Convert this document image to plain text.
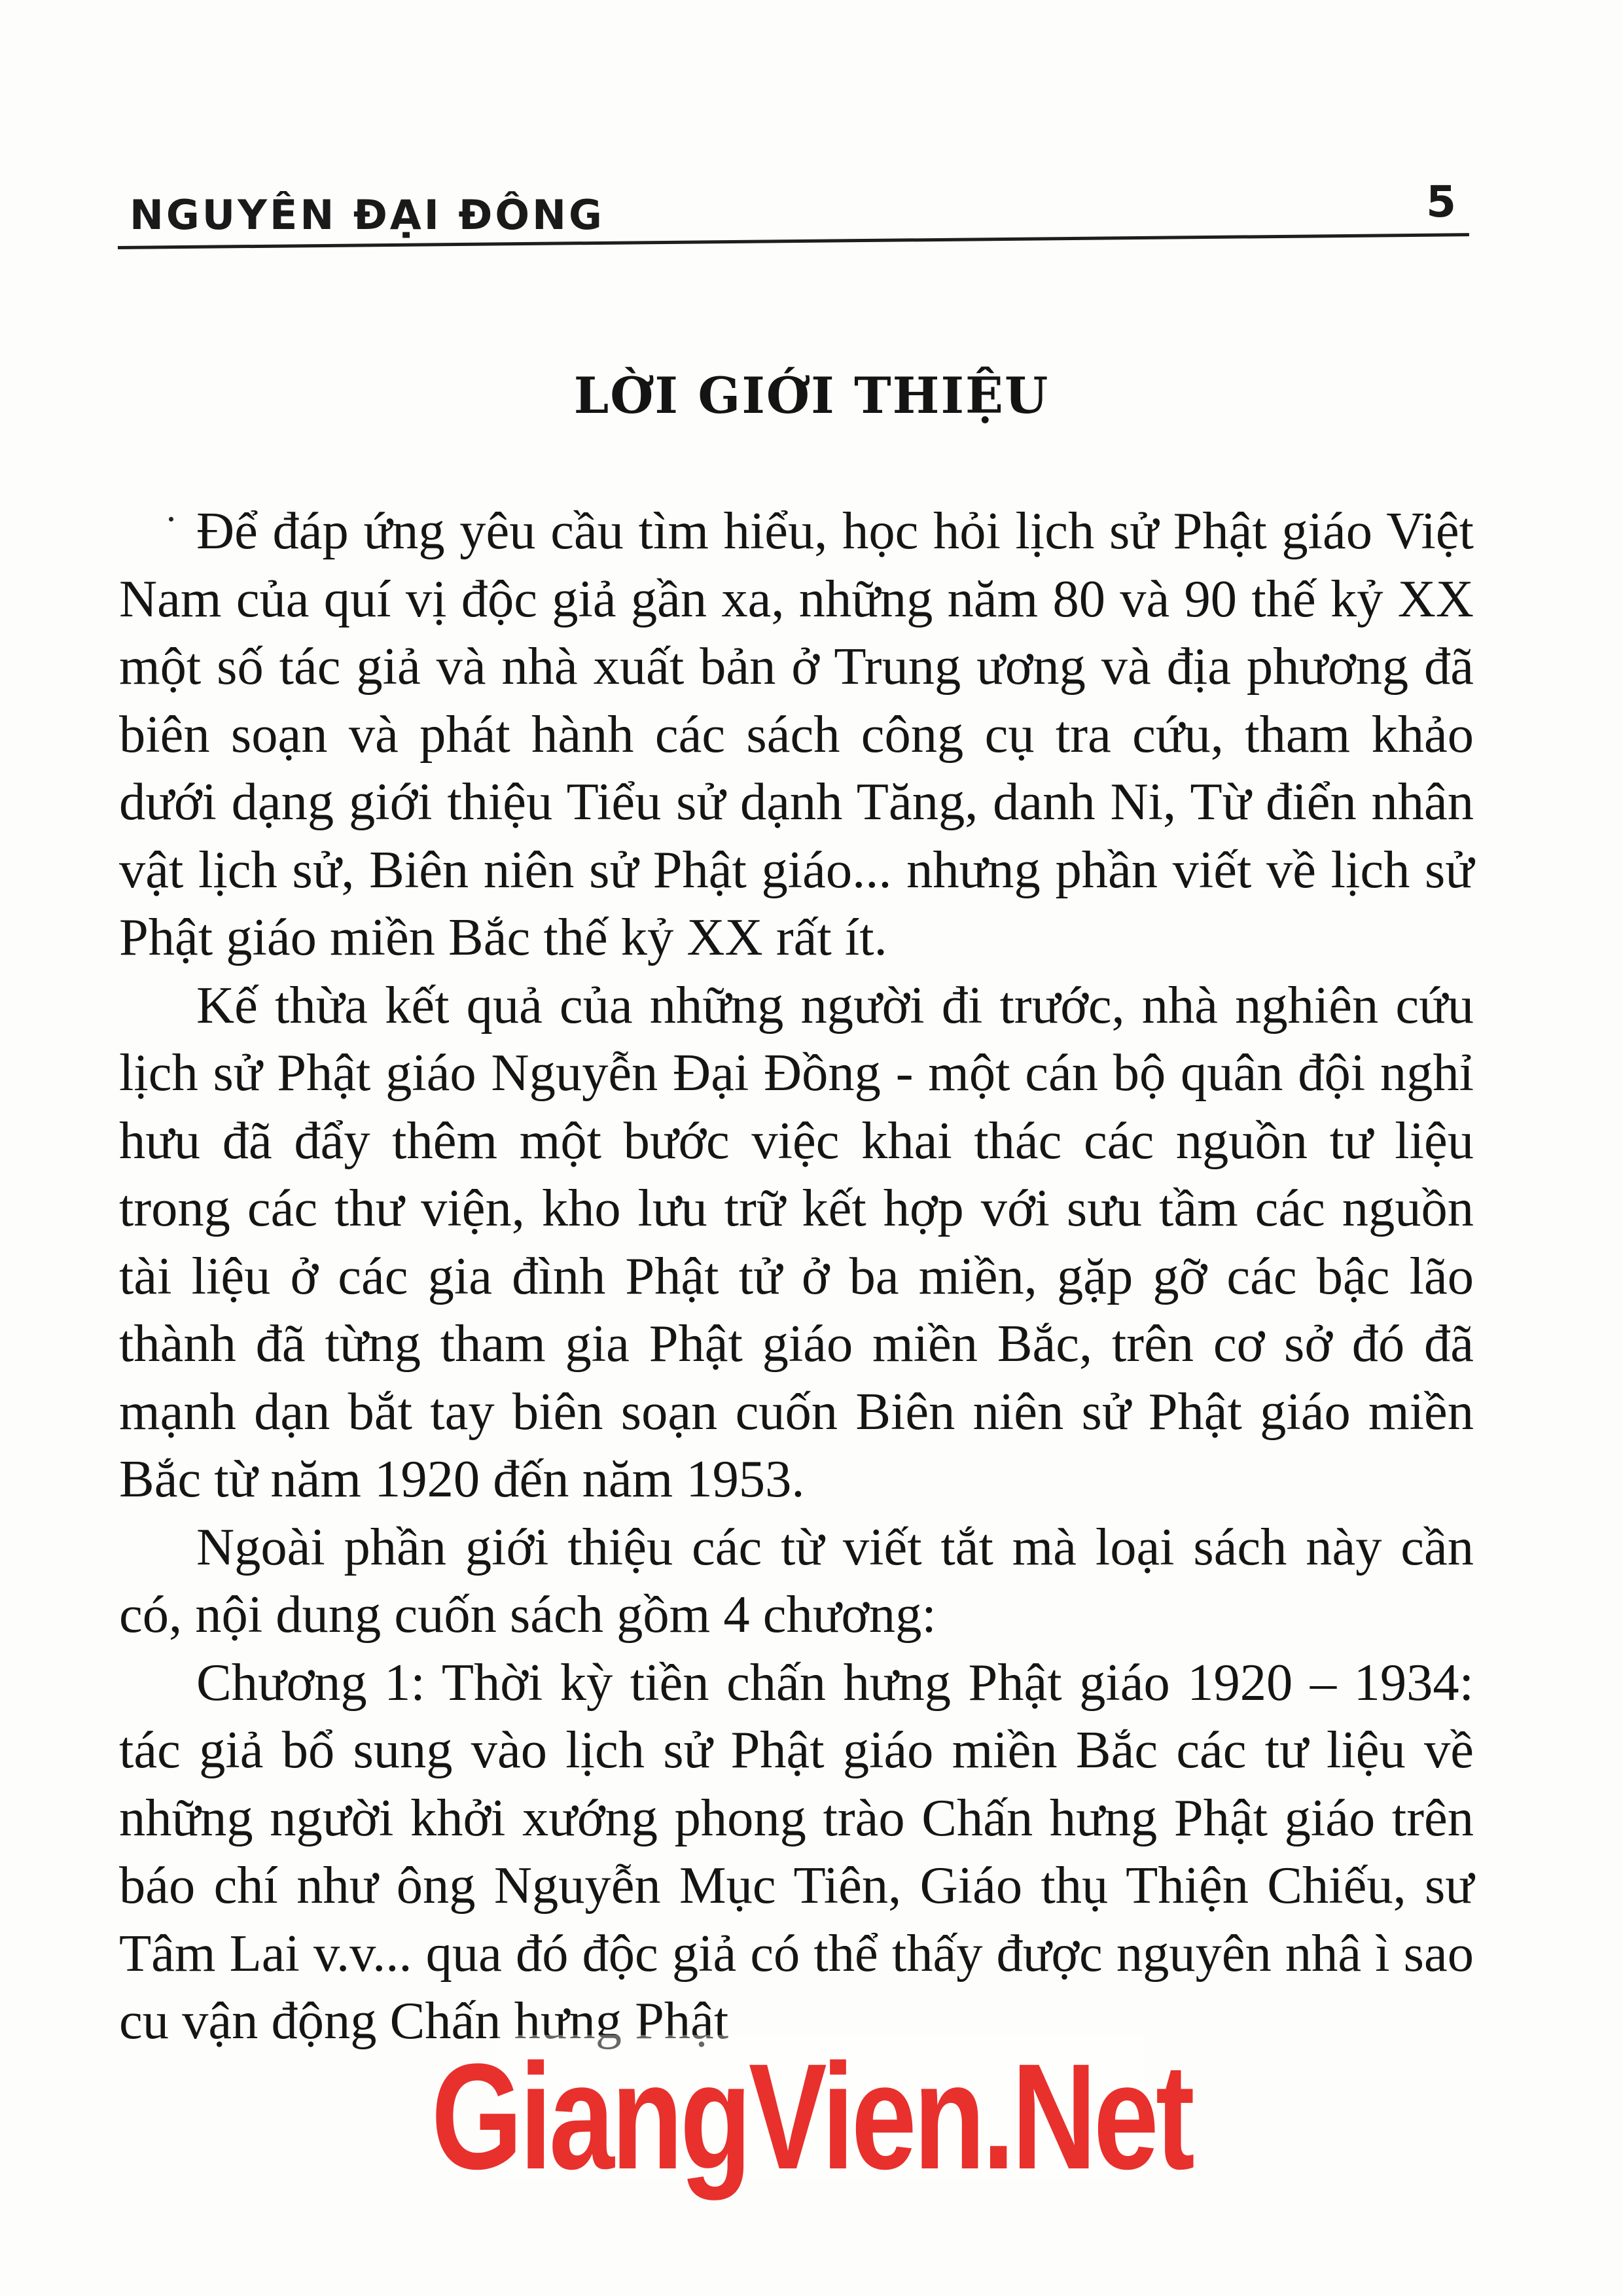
NGUYÊN ĐẠI ĐÔNG	5
LỜI GIỚI THIỆU

Để đáp ứng yêu cầu tìm hiểu, học hỏi lịch sử Phật giáo Việt Nam của quí vị độc giả gần xa, những năm 80 và 90 thế kỷ XX một số tác giả và nhà xuất bản ở Trung ương và địa phương đã biên soạn và phát hành các sách công cụ tra cứu, tham khảo dưới dạng giới thiệu Tiểu sử dạnh Tăng, danh Ni, Từ điển nhân vật lịch sử, Biên niên sử Phật giáo... nhưng phần viết về lịch sử Phật giáo miền Bắc thế kỷ XX rất ít.

Kế thừa kết quả của những người đi trước, nhà nghiên cứu lịch sử Phật giáo Nguyễn Đại Đồng - một cán bộ quân đội nghỉ hưu đã đẩy thêm một bước việc khai thác các nguồn tư liệu trong các thư viện, kho lưu trữ kết hợp với sưu tầm các nguồn tài liệu ở các gia đình Phật tử ở ba miền, gặp gỡ các bậc lão thành đã từng tham gia Phật giáo miền Bắc, trên cơ sở đó đã mạnh dạn bắt tay biên soạn cuốn Biên niên sử Phật giáo miền Bắc từ năm 1920 đến năm 1953.

Ngoài phần giới thiệu các từ viết tắt mà loại sách này cần có, nội dung cuốn sách gồm 4 chương:

Chương 1: Thời kỳ tiền chấn hưng Phật giáo 1920 – 1934: tác giả bổ sung vào lịch sử Phật giáo miền Bắc các tư liệu về những người khởi xướng phong trào Chấn hưng Phật giáo trên báo chí như ông Nguyễn Mục Tiên, Giáo thụ Thiện Chiếu, sư Tâm Lai v.v... qua đó độc giả có thể thấy được nguyên nhâ ì sao cu vận động Chấn hưng Phật

GiangVien.Net
